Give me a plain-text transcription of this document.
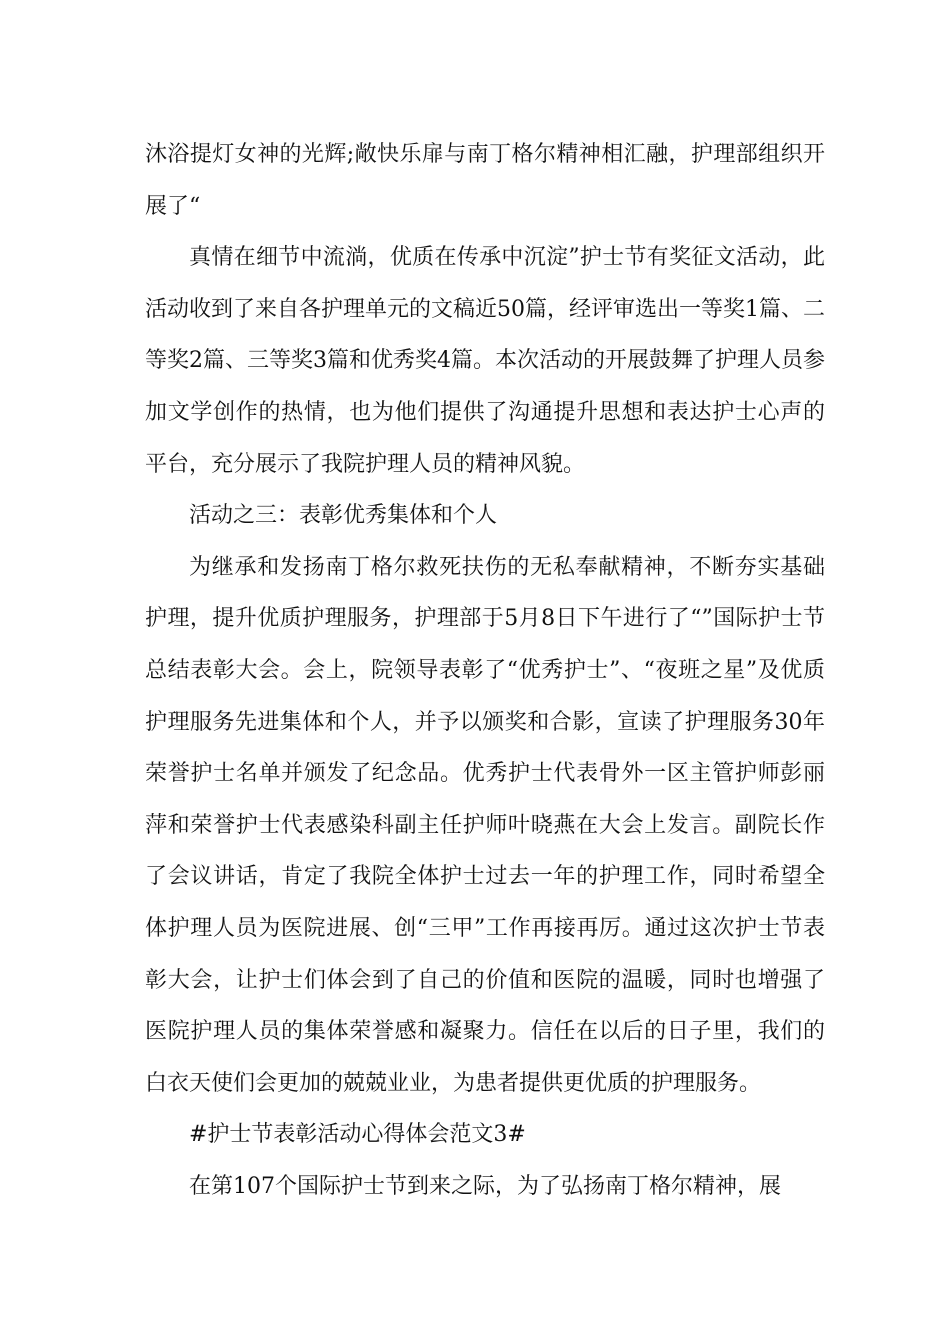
沐浴提灯女神的光辉;敞快乐扉与南丁格尔精神相汇融，护理部组织开展了“

真情在细节中流淌，优质在传承中沉淀”护士节有奖征文活动，此活动收到了来自各护理单元的文稿近50篇，经评审选出一等奖1篇、二等奖2篇、三等奖3篇和优秀奖4篇。本次活动的开展鼓舞了护理人员参加文学创作的热情，也为他们提供了沟通提升思想和表达护士心声的平台，充分展示了我院护理人员的精神风貌。

活动之三：表彰优秀集体和个人

为继承和发扬南丁格尔救死扶伤的无私奉献精神，不断夯实基础护理，提升优质护理服务，护理部于5月8日下午进行了“”国际护士节总结表彰大会。会上，院领导表彰了“优秀护士”、“夜班之星”及优质护理服务先进集体和个人，并予以颁奖和合影，宣读了护理服务30年荣誉护士名单并颁发了纪念品。优秀护士代表骨外一区主管护师彭丽萍和荣誉护士代表感染科副主任护师叶晓燕在大会上发言。副院长作了会议讲话，肯定了我院全体护士过去一年的护理工作，同时希望全体护理人员为医院进展、创“三甲”工作再接再厉。通过这次护士节表彰大会，让护士们体会到了自己的价值和医院的温暖，同时也增强了医院护理人员的集体荣誉感和凝聚力。信任在以后的日子里，我们的白衣天使们会更加的兢兢业业，为患者提供更优质的护理服务。

#护士节表彰活动心得体会范文3#

在第107个国际护士节到来之际，为了弘扬南丁格尔精神，展
